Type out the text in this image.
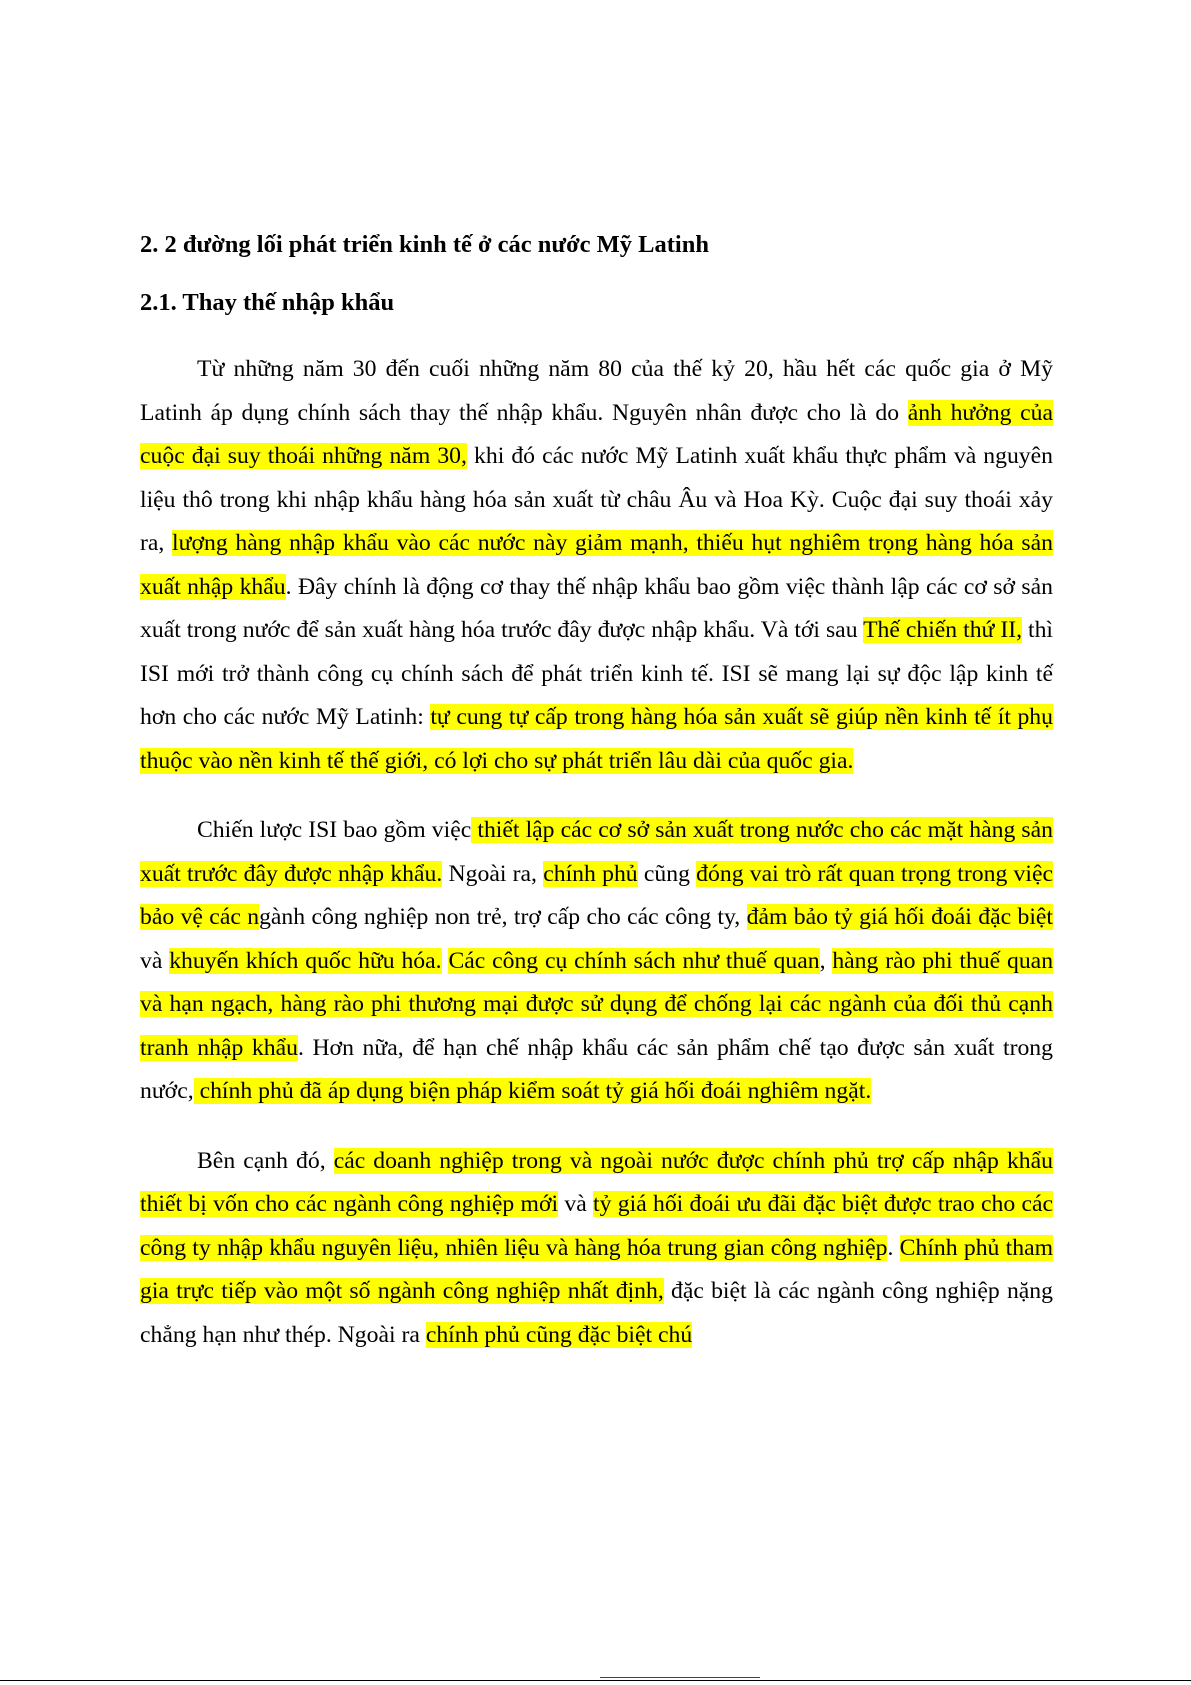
2. 2 đường lối phát triển kinh tế ở các nước Mỹ Latinh
2.1. Thay thế nhập khẩu

Từ những năm 30 đến cuối những năm 80 của thế kỷ 20, hầu hết các quốc gia ở Mỹ Latinh áp dụng chính sách thay thế nhập khẩu. Nguyên nhân được cho là do ảnh hưởng của cuộc đại suy thoái những năm 30, khi đó các nước Mỹ Latinh xuất khẩu thực phẩm và nguyên liệu thô trong khi nhập khẩu hàng hóa sản xuất từ châu Âu và Hoa Kỳ. Cuộc đại suy thoái xảy ra, lượng hàng nhập khẩu vào các nước này giảm mạnh, thiếu hụt nghiêm trọng hàng hóa sản xuất nhập khẩu. Đây chính là động cơ thay thế nhập khẩu bao gồm việc thành lập các cơ sở sản xuất trong nước để sản xuất hàng hóa trước đây được nhập khẩu. Và tới sau Thế chiến thứ II, thì ISI mới trở thành công cụ chính sách để phát triển kinh tế. ISI sẽ mang lại sự độc lập kinh tế hơn cho các nước Mỹ Latinh: tự cung tự cấp trong hàng hóa sản xuất sẽ giúp nền kinh tế ít phụ thuộc vào nền kinh tế thế giới, có lợi cho sự phát triển lâu dài của quốc gia.

Chiến lược ISI bao gồm việc thiết lập các cơ sở sản xuất trong nước cho các mặt hàng sản xuất trước đây được nhập khẩu. Ngoài ra, chính phủ cũng đóng vai trò rất quan trọng trong việc bảo vệ các ngành công nghiệp non trẻ, trợ cấp cho các công ty, đảm bảo tỷ giá hối đoái đặc biệt và khuyến khích quốc hữu hóa. Các công cụ chính sách như thuế quan, hàng rào phi thuế quan và hạn ngạch, hàng rào phi thương mại được sử dụng để chống lại các ngành của đối thủ cạnh tranh nhập khẩu. Hơn nữa, để hạn chế nhập khẩu các sản phẩm chế tạo được sản xuất trong nước, chính phủ đã áp dụng biện pháp kiểm soát tỷ giá hối đoái nghiêm ngặt.

Bên cạnh đó, các doanh nghiệp trong và ngoài nước được chính phủ trợ cấp nhập khẩu thiết bị vốn cho các ngành công nghiệp mới và tỷ giá hối đoái ưu đãi đặc biệt được trao cho các công ty nhập khẩu nguyên liệu, nhiên liệu và hàng hóa trung gian công nghiệp. Chính phủ tham gia trực tiếp vào một số ngành công nghiệp nhất định, đặc biệt là các ngành công nghiệp nặng chẳng hạn như thép. Ngoài ra chính phủ cũng đặc biệt chú
